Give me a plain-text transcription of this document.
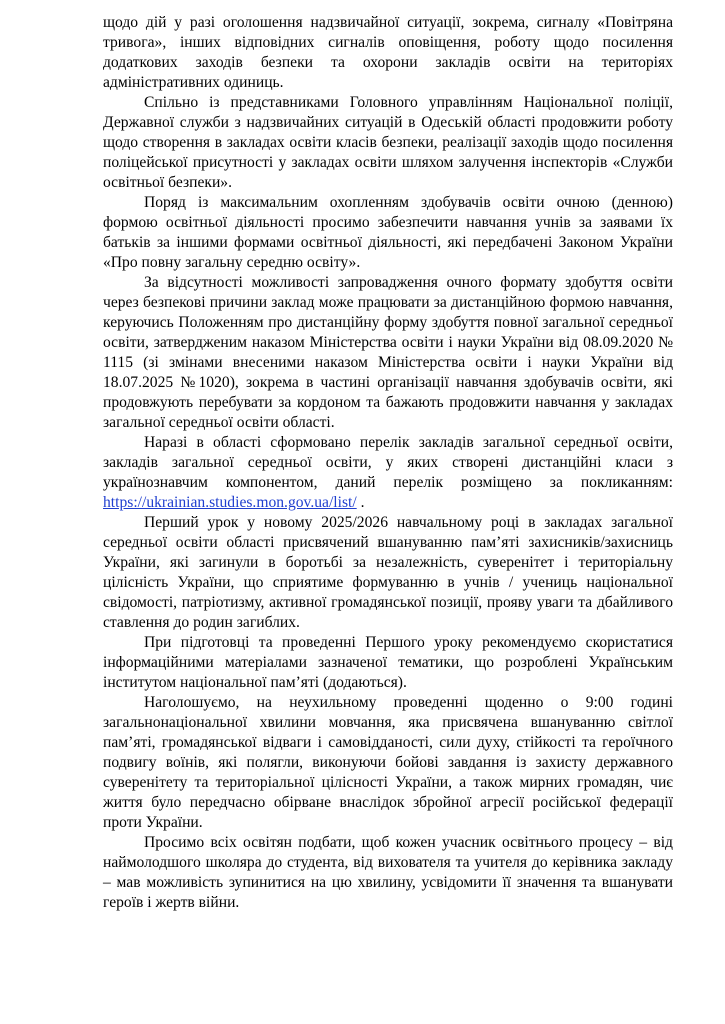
щодо дій у разі оголошення надзвичайної ситуації, зокрема, сигналу «Повітряна тривога», інших відповідних сигналів оповіщення, роботу щодо посилення додаткових заходів безпеки та охорони закладів освіти на територіях адміністративних одиниць.

Спільно із представниками Головного управлінням Національної поліції, Державної служби з надзвичайних ситуацій в Одеській області продовжити роботу щодо створення в закладах освіти класів безпеки, реалізації заходів щодо посилення поліцейської присутності у закладах освіти шляхом залучення інспекторів «Служби освітньої безпеки».

Поряд із максимальним охопленням здобувачів освіти очною (денною) формою освітньої діяльності просимо забезпечити навчання учнів за заявами їх батьків за іншими формами освітньої діяльності, які передбачені Законом України «Про повну загальну середню освіту».

За відсутності можливості запровадження очного формату здобуття освіти через безпекові причини заклад може працювати за дистанційною формою навчання, керуючись Положенням про дистанційну форму здобуття повної загальної середньої освіти, затвердженим наказом Міністерства освіти і науки України від 08.09.2020 № 1115 (зі змінами внесеними наказом Міністерства освіти і науки України від 18.07.2025 №1020), зокрема в частині організації навчання здобувачів освіти, які продовжують перебувати за кордоном та бажають продовжити навчання у закладах загальної середньої освіти області.

Наразі в області сформовано перелік закладів загальної середньої освіти, закладів загальної середньої освіти, у яких створені дистанційні класи з українознавчим компонентом, даний перелік розміщено за покликанням: https://ukrainian.studies.mon.gov.ua/list/ .

Перший урок у новому 2025/2026 навчальному році в закладах загальної середньої освіти області присвячений вшануванню пам’яті захисників/захисниць України, які загинули в боротьбі за незалежність, суверенітет і територіальну цілісність України, що сприятиме формуванню в учнів / учениць національної свідомості, патріотизму, активної громадянської позиції, прояву уваги та дбайливого ставлення до родин загиблих.

При підготовці та проведенні Першого уроку рекомендуємо скористатися інформаційними матеріалами зазначеної тематики, що розроблені Українським інститутом національної пам’яті (додаються).

Наголошуємо, на неухильному проведенні щоденно о 9:00 годині загальнонаціональної хвилини мовчання, яка присвячена вшануванню світлої пам’яті, громадянської відваги і самовідданості, сили духу, стійкості та героїчного подвигу воїнів, які полягли, виконуючи бойові завдання із захисту державного суверенітету та територіальної цілісності України, а також мирних громадян, чиє життя було передчасно обірване внаслідок збройної агресії російської федерації проти України.

Просимо всіх освітян подбати, щоб кожен учасник освітнього процесу – від наймолодшого школяра до студента, від вихователя та учителя до керівника закладу – мав можливість зупинитися на цю хвилину, усвідомити її значення та вшанувати героїв і жертв війни.
